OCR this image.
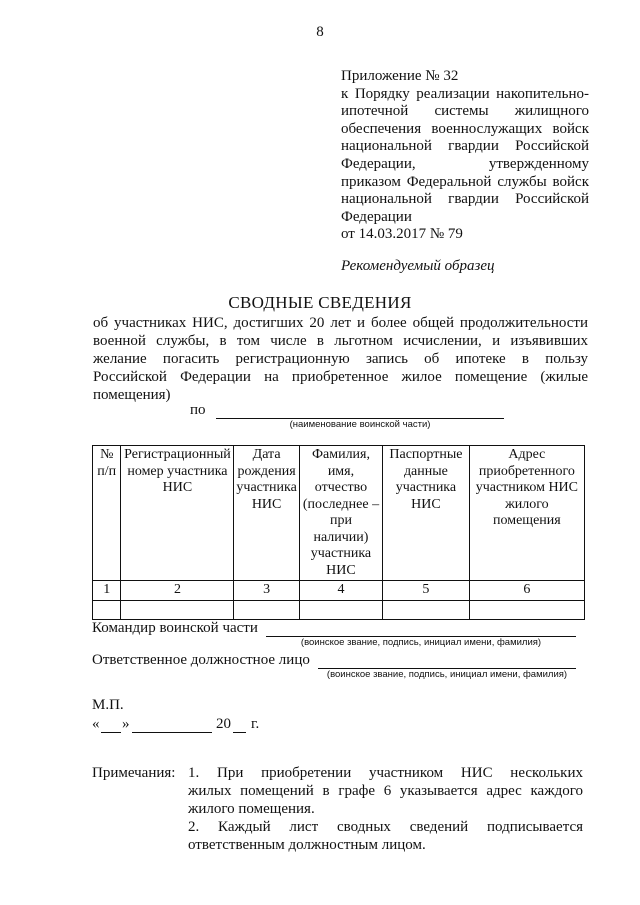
8
Приложение № 32
к Порядку реализации накопительно-
ипотечной системы жилищного
обеспечения военнослужащих войск
национальной гвардии Российской
Федерации, утвержденному
приказом Федеральной службы войск
национальной гвардии Российской
Федерации
от 14.03.2017 № 79
Рекомендуемый образец
СВОДНЫЕ СВЕДЕНИЯ
об участниках НИС, достигших 20 лет и более общей продолжительности
военной службы, в том числе в льготном исчислении, и изъявивших
желание погасить регистрационную запись об ипотеке в пользу
Российской Федерации на приобретенное жилое помещение (жилые
помещения)
по
(наименование воинской части)
№ п/п	Регистрационный номер участника НИС	Дата рождения участника НИС	Фамилия, имя, отчество (последнее – при наличии) участника НИС	Паспортные данные участника НИС	Адрес приобретенного участником НИС жилого помещения
1	2	3	4	5	6

Командир воинской части
(воинское звание, подпись, инициал имени, фамилия)
Ответственное должностное лицо
(воинское звание, подпись, инициал имени, фамилия)
М.П.
« »	20 г.
Примечания: 1. При приобретении участником НИС нескольких
жилых помещений в графе 6 указывается адрес каждого
жилого помещения.
2. Каждый лист сводных сведений подписывается
ответственным должностным лицом.
